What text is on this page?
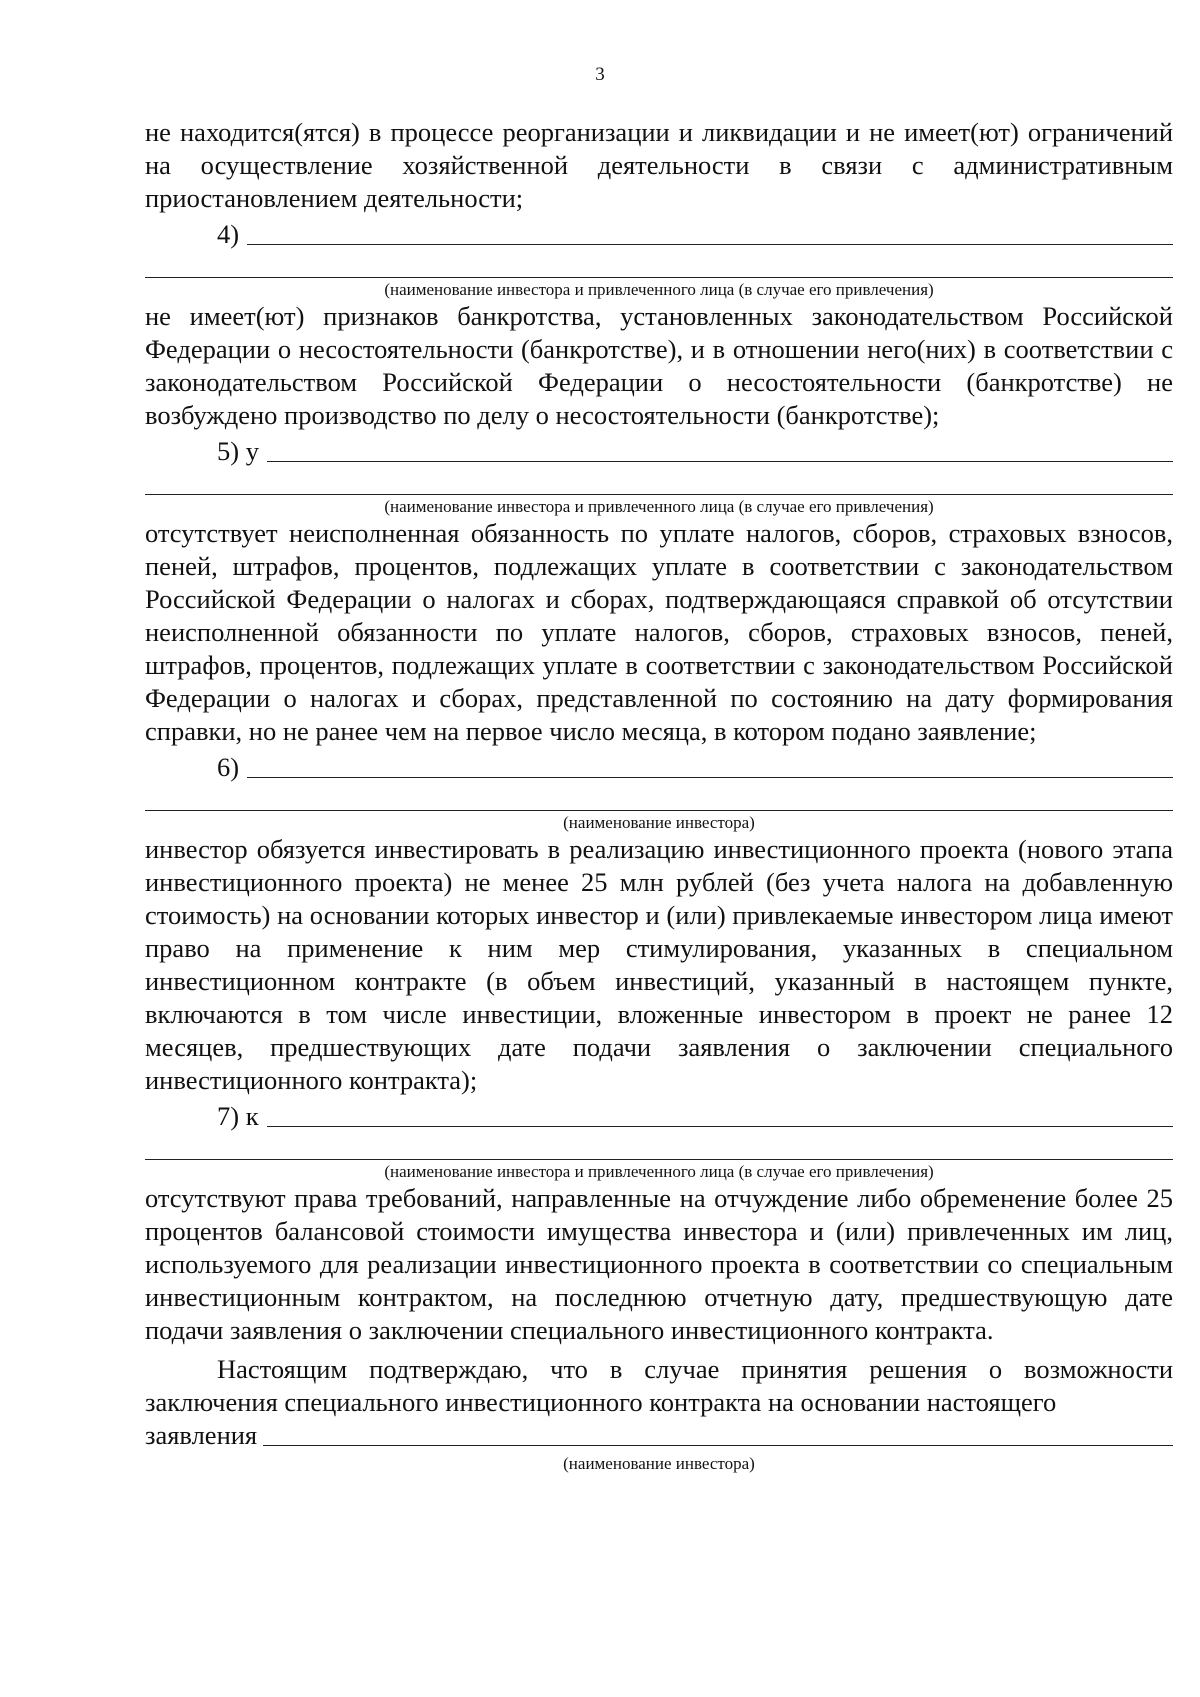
3

не находится(ятся) в процессе реорганизации и ликвидации и не имеет(ют) ограничений на осуществление хозяйственной деятельности в связи с административным приостановлением деятельности;

4)
(наименование инвестора и привлеченного лица (в случае его привлечения)

не имеет(ют) признаков банкротства, установленных законодательством Российской Федерации о несостоятельности (банкротстве), и в отношении него(них) в соответствии с законодательством Российской Федерации о несостоятельности (банкротстве) не возбуждено производство по делу о несостоятельности (банкротстве);

5) у
(наименование инвестора и привлеченного лица (в случае его привлечения)

отсутствует неисполненная обязанность по уплате налогов, сборов, страховых взносов, пеней, штрафов, процентов, подлежащих уплате в соответствии с законодательством Российской Федерации о налогах и сборах, подтверждающаяся справкой об отсутствии неисполненной обязанности по уплате налогов, сборов, страховых взносов, пеней, штрафов, процентов, подлежащих уплате в соответствии с законодательством Российской Федерации о налогах и сборах, представленной по состоянию на дату формирования справки, но не ранее чем на первое число месяца, в котором подано заявление;

6)
(наименование инвестора)

инвестор обязуется инвестировать в реализацию инвестиционного проекта (нового этапа инвестиционного проекта) не менее 25 млн рублей (без учета налога на добавленную стоимость) на основании которых инвестор и (или) привлекаемые инвестором лица имеют право на применение к ним мер стимулирования, указанных в специальном инвестиционном контракте (в объем инвестиций, указанный в настоящем пункте, включаются в том числе инвестиции, вложенные инвестором в проект не ранее 12 месяцев, предшествующих дате подачи заявления о заключении специального инвестиционного контракта);

7) к
(наименование инвестора и привлеченного лица (в случае его привлечения)

отсутствуют права требований, направленные на отчуждение либо обременение более 25 процентов балансовой стоимости имущества инвестора и (или) привлеченных им лиц, используемого для реализации инвестиционного проекта в соответствии со специальным инвестиционным контрактом, на последнюю отчетную дату, предшествующую дате подачи заявления о заключении специального инвестиционного контракта.

Настоящим подтверждаю, что в случае принятия решения о возможности заключения специального инвестиционного контракта на основании настоящего

заявления
(наименование инвестора)
